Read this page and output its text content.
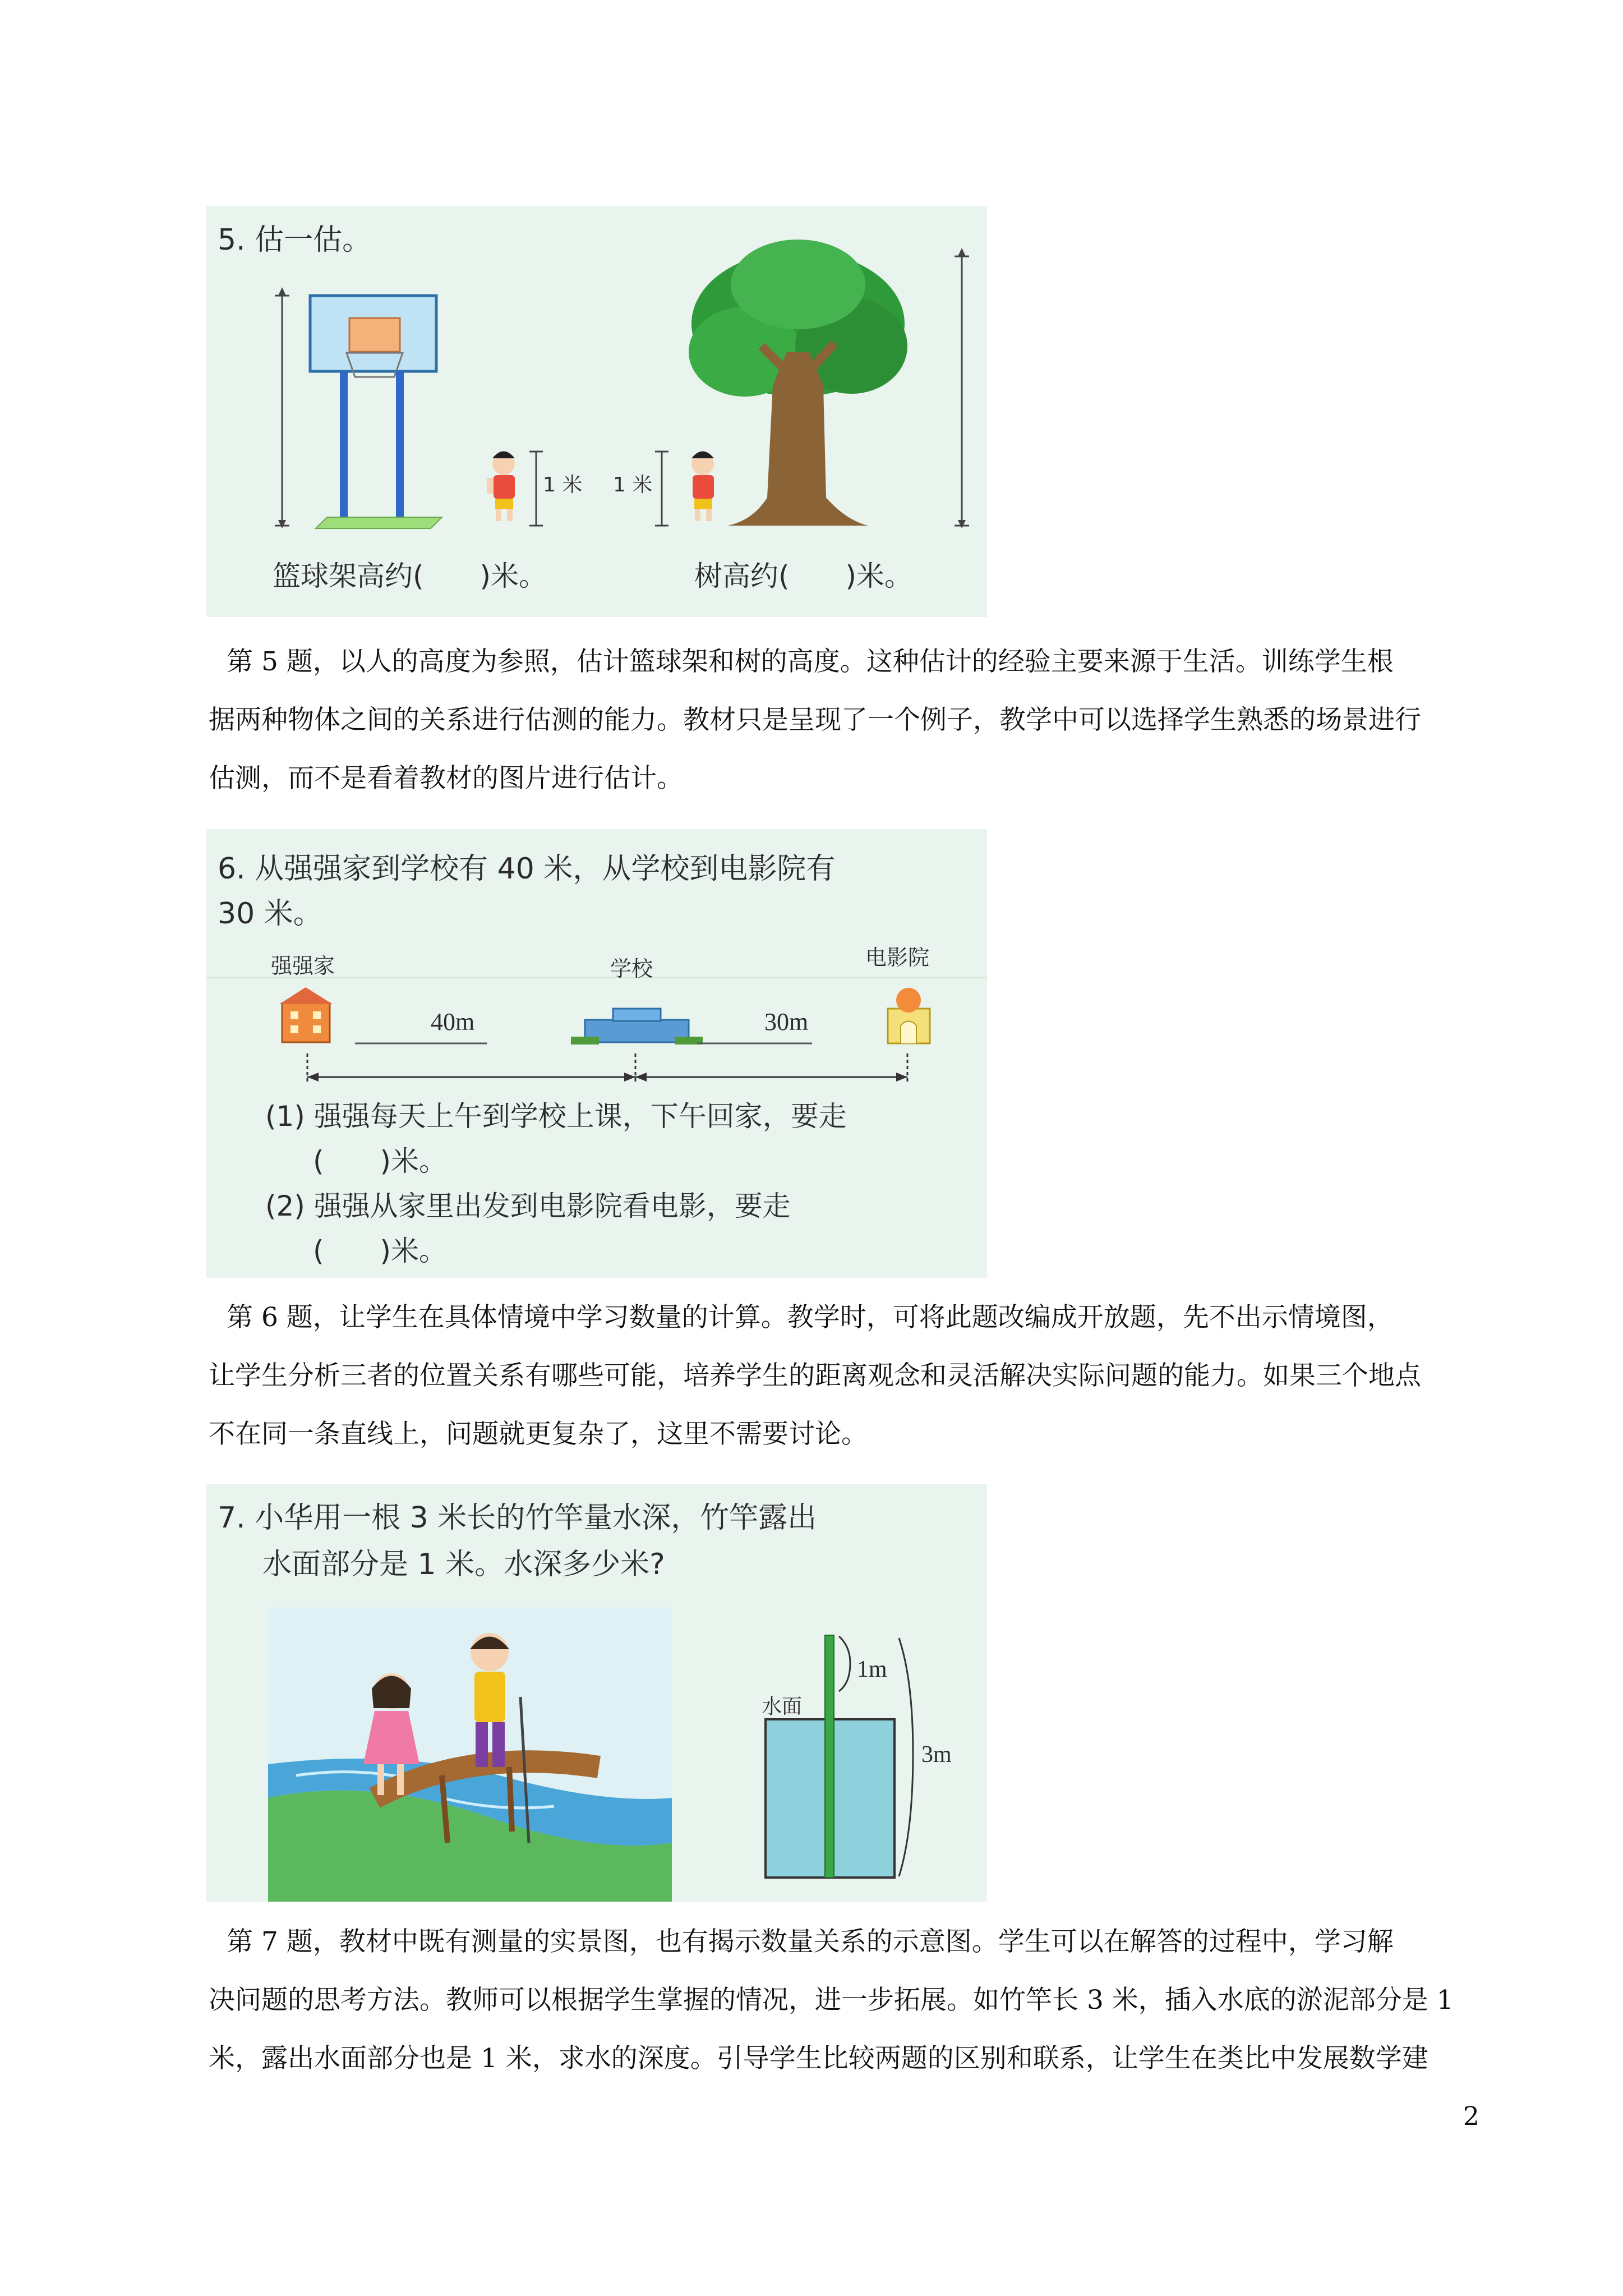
5. 估一估。
1 米 1 米
篮球架高约(　　)米。	树高约(　　)米。
第 5 题，以人的高度为参照，估计篮球架和树的高度。这种估计的经验主要来源于生活。训练学生根
据两种物体之间的关系进行估测的能力。教材只是呈现了一个例子，教学中可以选择学生熟悉的场景进行
估测，而不是看着教材的图片进行估计。
6. 从强强家到学校有 40 米，从学校到电影院有
30 米。
强强家	学校	电影院
40m	30m
(1) 强强每天上午到学校上课，下午回家，要走
(　　)米。
(2) 强强从家里出发到电影院看电影，要走
(　　)米。
第 6 题，让学生在具体情境中学习数量的计算。教学时，可将此题改编成开放题，先不出示情境图，
让学生分析三者的位置关系有哪些可能，培养学生的距离观念和灵活解决实际问题的能力。如果三个地点
不在同一条直线上，问题就更复杂了，这里不需要讨论。
7. 小华用一根 3 米长的竹竿量水深，竹竿露出
水面部分是 1 米。水深多少米?
水面
1m
3m
第 7 题，教材中既有测量的实景图，也有揭示数量关系的示意图。学生可以在解答的过程中，学习解
决问题的思考方法。教师可以根据学生掌握的情况，进一步拓展。如竹竿长 3 米，插入水底的淤泥部分是 1
米，露出水面部分也是 1 米，求水的深度。引导学生比较两题的区别和联系，让学生在类比中发展数学建
2
